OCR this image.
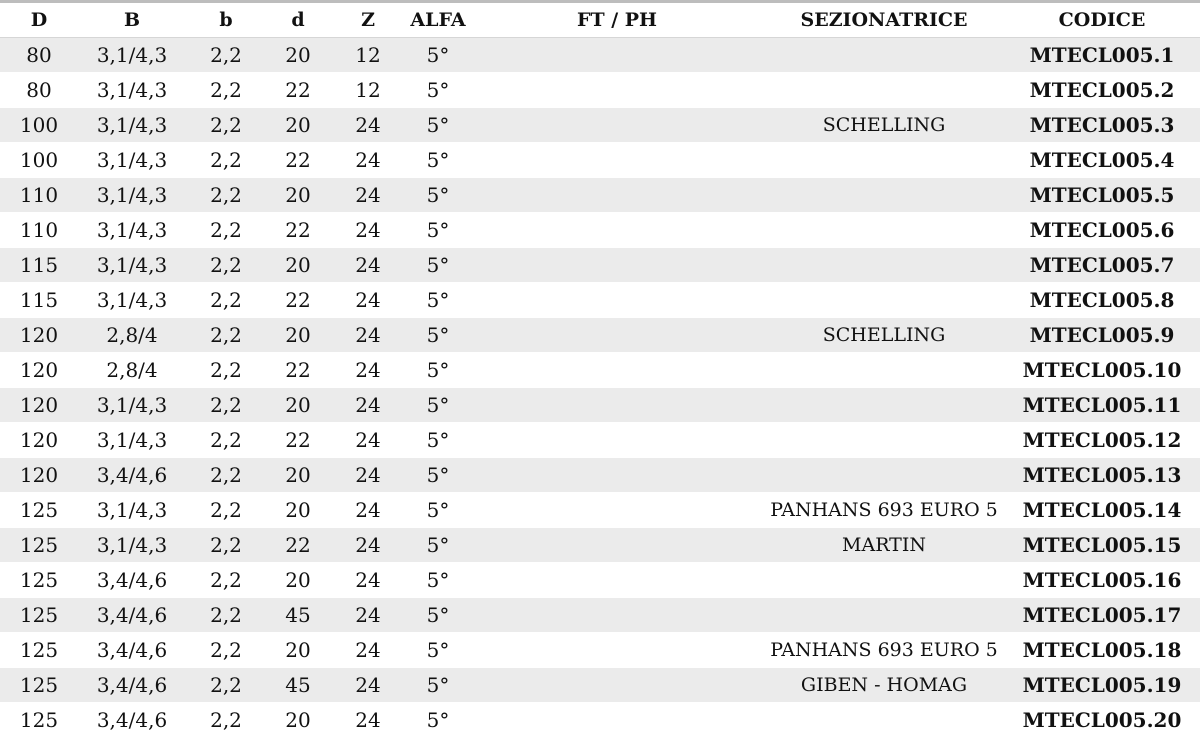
D	B	b	d	Z	ALFA	FT / PH	SEZIONATRICE	CODICE
80	3,1/4,3	2,2	20	12	5°			MTECL005.1
80	3,1/4,3	2,2	22	12	5°			MTECL005.2
100	3,1/4,3	2,2	20	24	5°		SCHELLING	MTECL005.3
100	3,1/4,3	2,2	22	24	5°			MTECL005.4
110	3,1/4,3	2,2	20	24	5°			MTECL005.5
110	3,1/4,3	2,2	22	24	5°			MTECL005.6
115	3,1/4,3	2,2	20	24	5°			MTECL005.7
115	3,1/4,3	2,2	22	24	5°			MTECL005.8
120	2,8/4	2,2	20	24	5°		SCHELLING	MTECL005.9
120	2,8/4	2,2	22	24	5°			MTECL005.10
120	3,1/4,3	2,2	20	24	5°			MTECL005.11
120	3,1/4,3	2,2	22	24	5°			MTECL005.12
120	3,4/4,6	2,2	20	24	5°			MTECL005.13
125	3,1/4,3	2,2	20	24	5°		PANHANS 693 EURO 5	MTECL005.14
125	3,1/4,3	2,2	22	24	5°		MARTIN	MTECL005.15
125	3,4/4,6	2,2	20	24	5°			MTECL005.16
125	3,4/4,6	2,2	45	24	5°			MTECL005.17
125	3,4/4,6	2,2	20	24	5°		PANHANS 693 EURO 5	MTECL005.18
125	3,4/4,6	2,2	45	24	5°		GIBEN - HOMAG	MTECL005.19
125	3,4/4,6	2,2	20	24	5°			MTECL005.20
